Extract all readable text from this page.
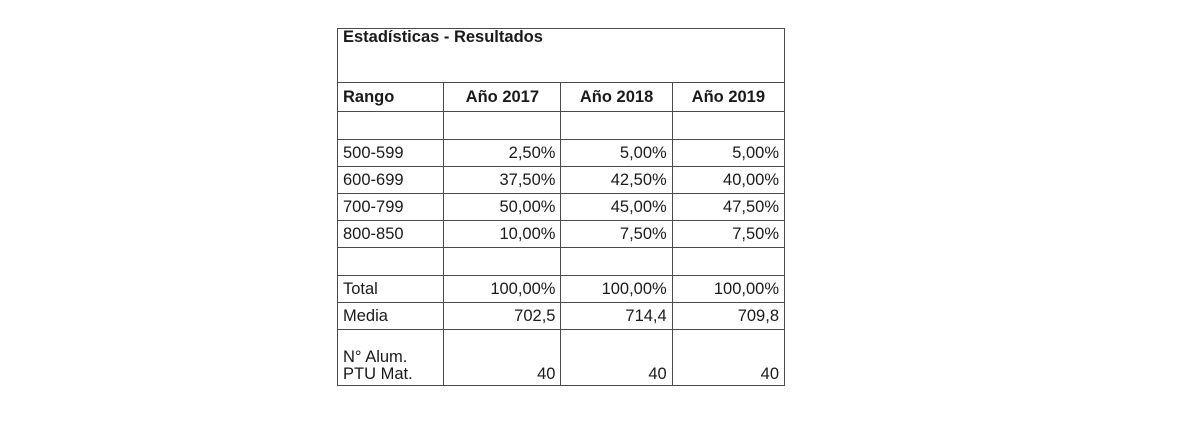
Estadísticas - Resultados			
Rango	Año 2017	Año 2018	Año 2019

500-599	2,50%	5,00%	5,00%
600-699	37,50%	42,50%	40,00%
700-799	50,00%	45,00%	47,50%
800-850	10,00%	7,50%	7,50%

Total	100,00%	100,00%	100,00%
Media	702,5	714,4	709,8

N° Alum.
PTU Mat.	40	40	40
